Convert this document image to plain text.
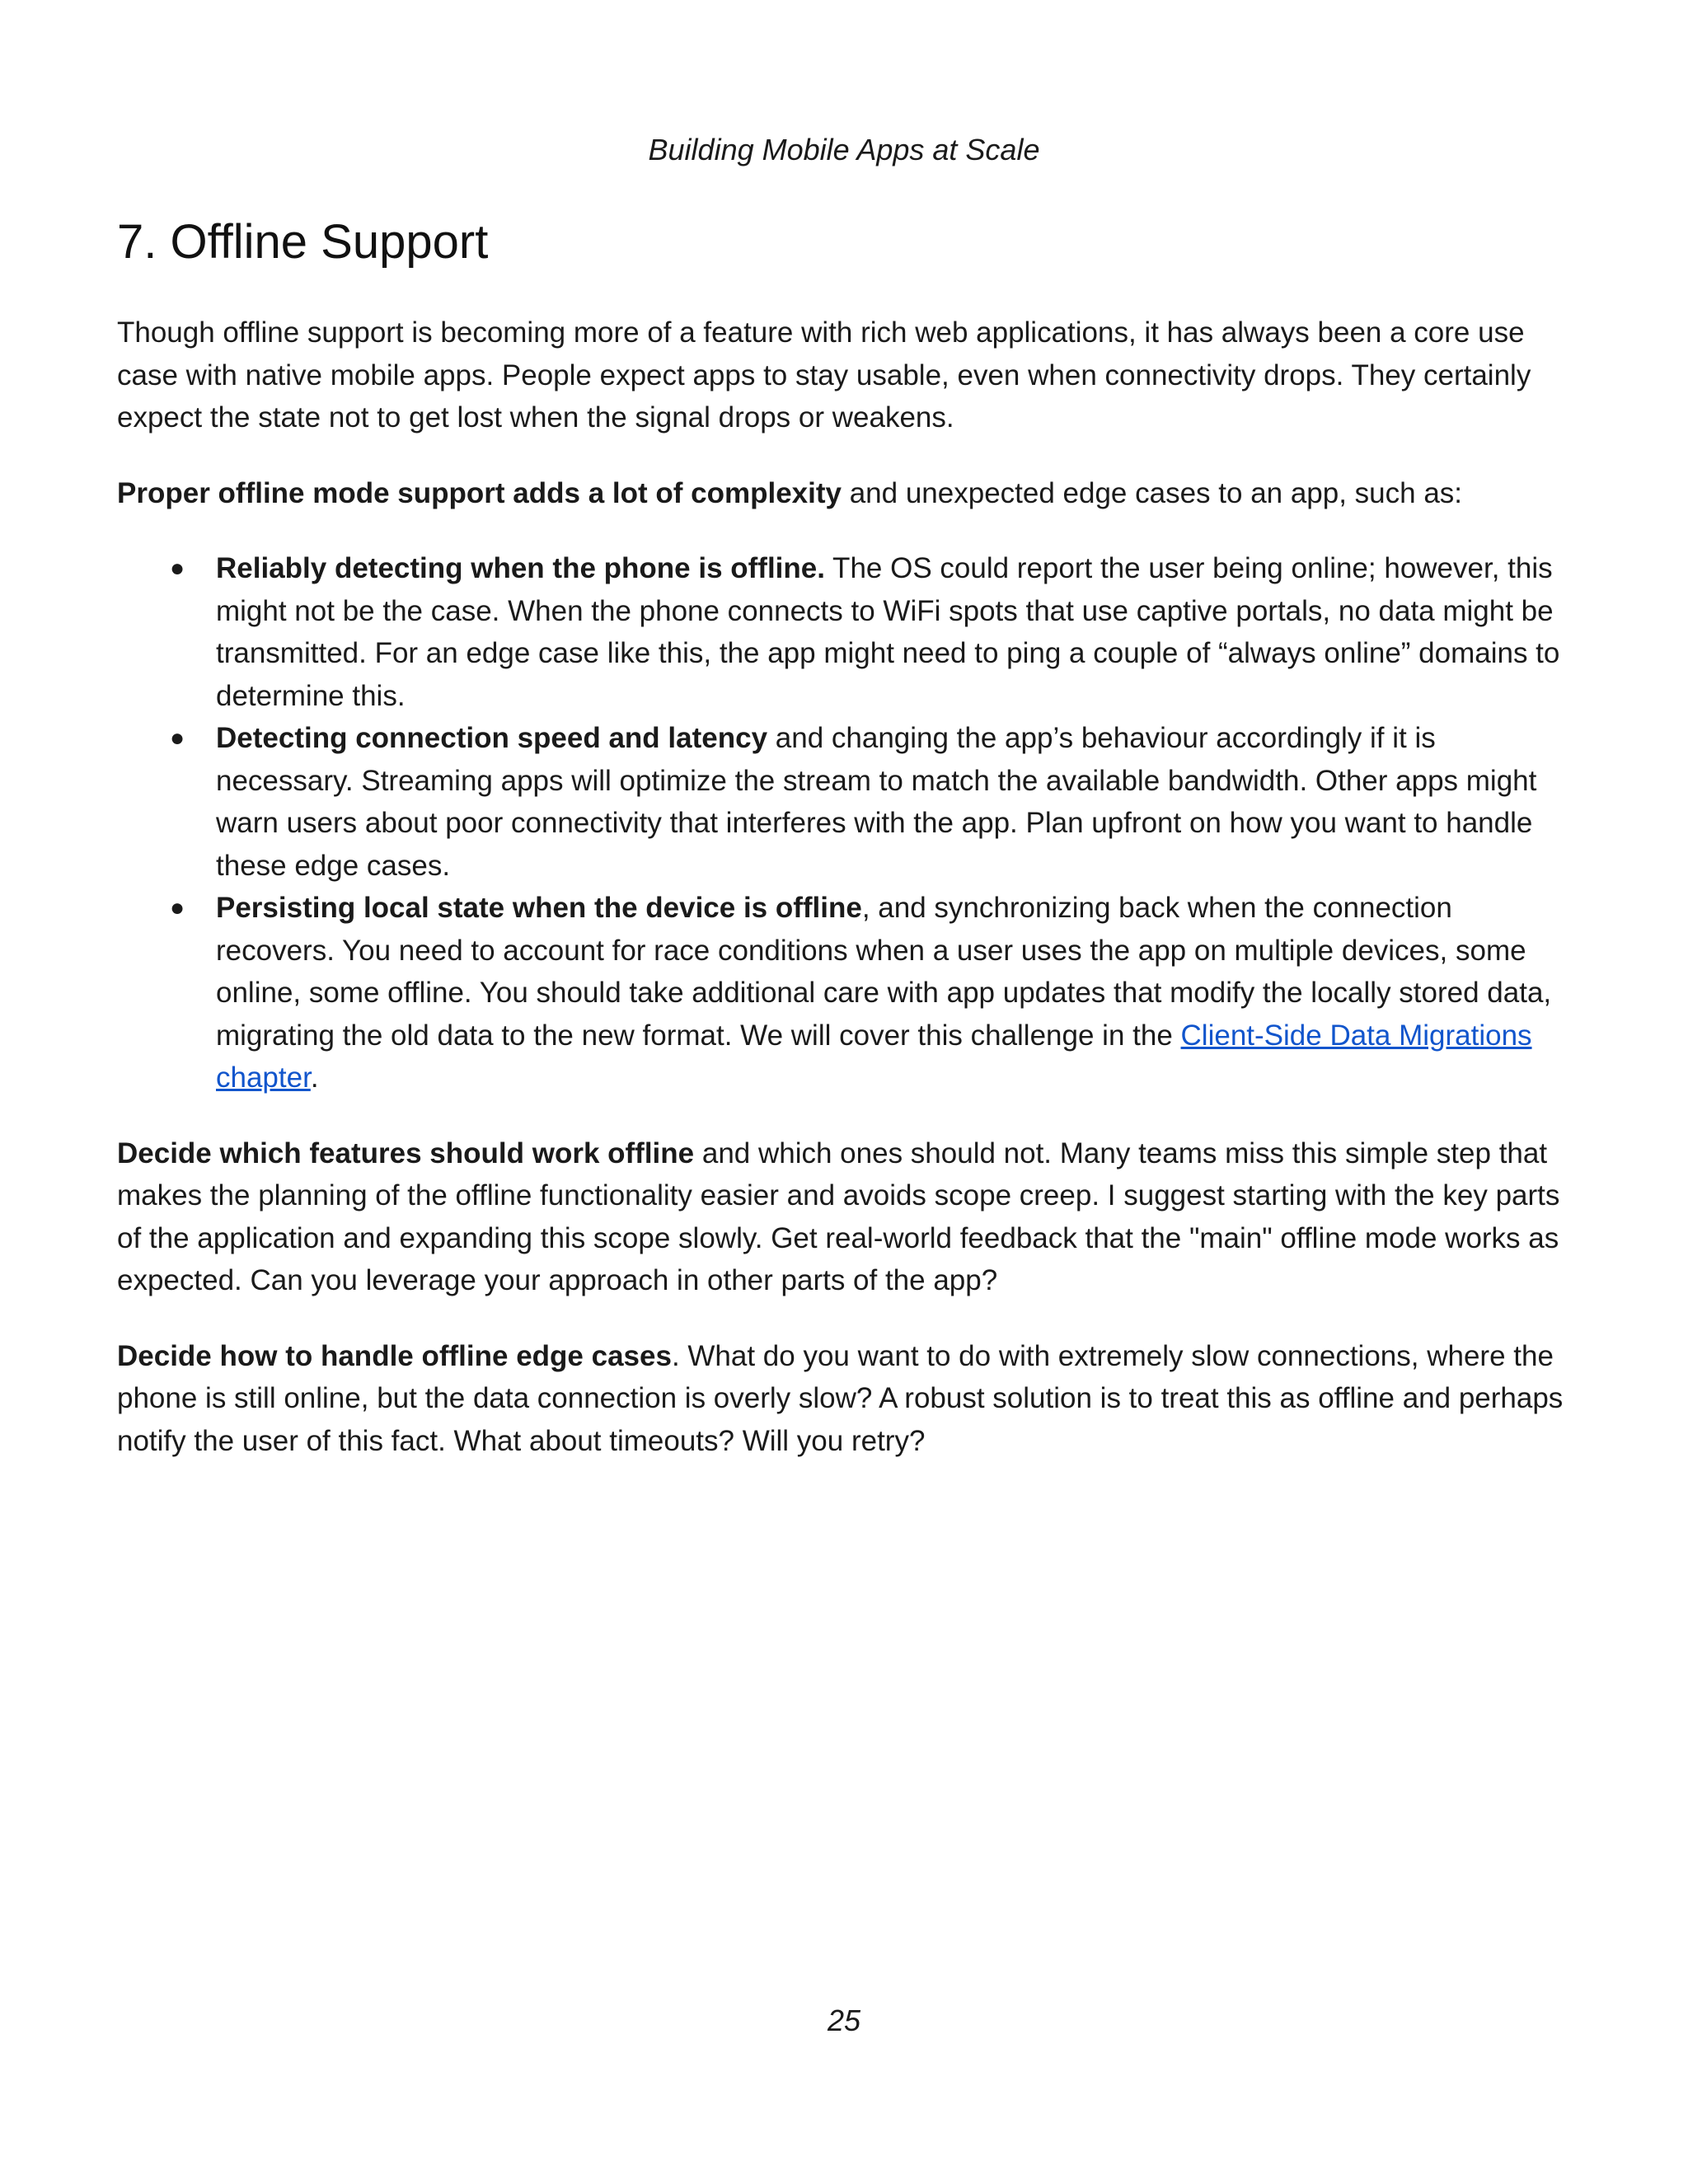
Building Mobile Apps at Scale
7. Offline Support

Though offline support is becoming more of a feature with rich web applications, it has always been a core use case with native mobile apps. People expect apps to stay usable, even when connectivity drops. They certainly expect the state not to get lost when the signal drops or weakens.

Proper offline mode support adds a lot of complexity and unexpected edge cases to an app, such as:

● Reliably detecting when the phone is offline. The OS could report the user being online; however, this might not be the case. When the phone connects to WiFi spots that use captive portals, no data might be transmitted. For an edge case like this, the app might need to ping a couple of “always online” domains to determine this.
● Detecting connection speed and latency and changing the app’s behaviour accordingly if it is necessary. Streaming apps will optimize the stream to match the available bandwidth. Other apps might warn users about poor connectivity that interferes with the app. Plan upfront on how you want to handle these edge cases.
● Persisting local state when the device is offline, and synchronizing back when the connection recovers. You need to account for race conditions when a user uses the app on multiple devices, some online, some offline. You should take additional care with app updates that modify the locally stored data, migrating the old data to the new format. We will cover this challenge in the Client-Side Data Migrations chapter.

Decide which features should work offline and which ones should not. Many teams miss this simple step that makes the planning of the offline functionality easier and avoids scope creep. I suggest starting with the key parts of the application and expanding this scope slowly. Get real-world feedback that the "main" offline mode works as expected. Can you leverage your approach in other parts of the app?

Decide how to handle offline edge cases. What do you want to do with extremely slow connections, where the phone is still online, but the data connection is overly slow? A robust solution is to treat this as offline and perhaps notify the user of this fact. What about timeouts? Will you retry?

25
